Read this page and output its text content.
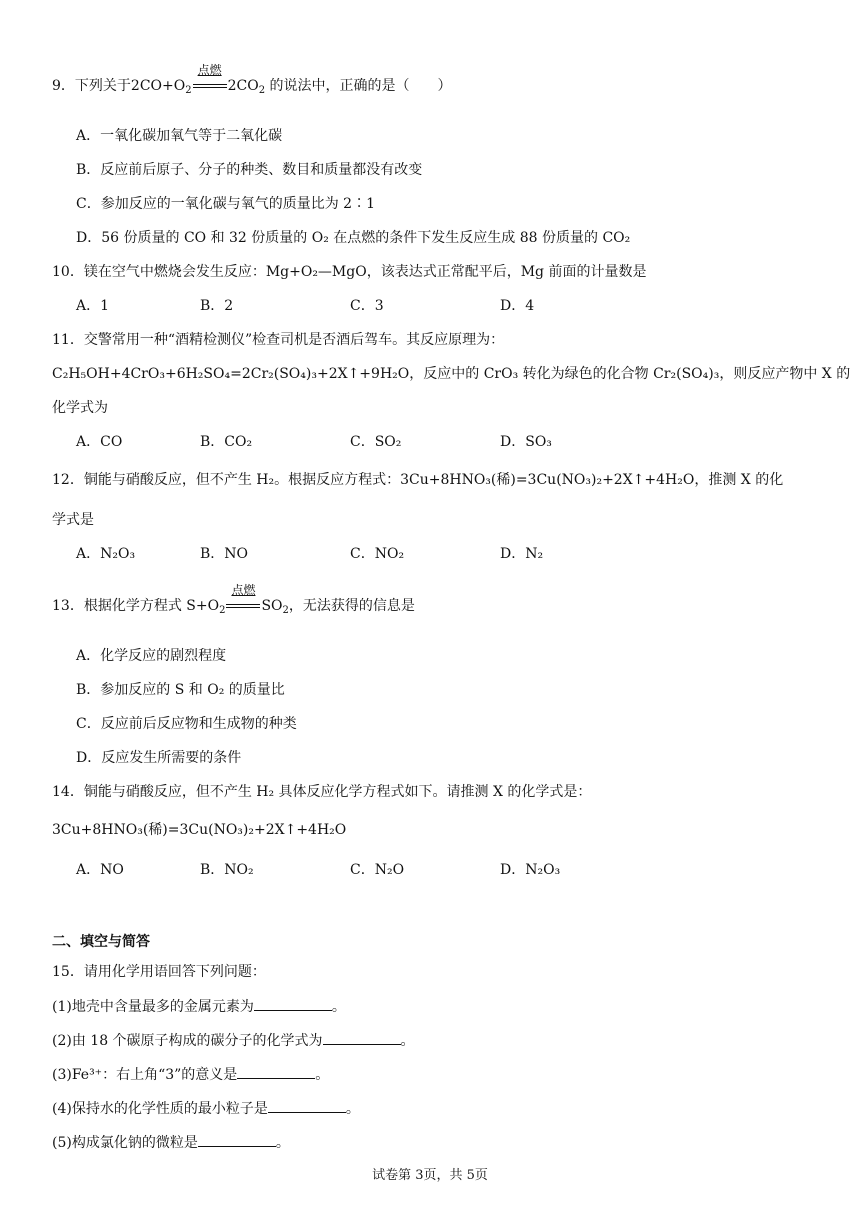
9．下列关于$2CO+O_2$
点燃
$2CO_2$ 的说法中，正确的是（　　）
A．一氧化碳加氧气等于二氧化碳
B．反应前后原子、分子的种类、数目和质量都没有改变
C．参加反应的一氧化碳与氧气的质量比为 2∶1
D．56 份质量的 CO 和 32 份质量的 O₂ 在点燃的条件下发生反应生成 88 份质量的 CO₂
10．镁在空气中燃烧会发生反应：Mg+O₂—MgO，该表达式正常配平后，Mg 前面的计量数是
A．1	B．2	C．3	D．4
11．交警常用一种“酒精检测仪”检查司机是否酒后驾车。其反应原理为：
C₂H₅OH+4CrO₃+6H₂SO₄=2Cr₂(SO₄)₃+2X↑+9H₂O，反应中的 CrO₃ 转化为绿色的化合物 Cr₂(SO₄)₃，则反应产物中 X 的
化学式为
A．CO	B．CO₂	C．SO₂	D．SO₃
12．铜能与硝酸反应，但不产生 H₂。根据反应方程式：3Cu+8HNO₃(稀)=3Cu(NO₃)₂+2X↑+4H₂O，推测 X 的化
学式是
A．N₂O₃	B．NO	C．NO₂	D．N₂
13．根据化学方程式 $S+O_2$
点燃
$SO_2$，无法获得的信息是
A．化学反应的剧烈程度
B．参加反应的 S 和 O₂ 的质量比
C．反应前后反应物和生成物的种类
D．反应发生所需要的条件
14．铜能与硝酸反应，但不产生 H₂ 具体反应化学方程式如下。请推测 X 的化学式是：
3Cu+8HNO₃(稀)=3Cu(NO₃)₂+2X↑+4H₂O
A．NO	B．NO₂	C．N₂O	D．N₂O₃
二、填空与简答
15．请用化学用语回答下列问题：
(1)地壳中含量最多的金属元素为	。
(2)由 18 个碳原子构成的碳分子的化学式为	。
(3)Fe³⁺：右上角“3”的意义是	。
(4)保持水的化学性质的最小粒子是	。
(5)构成氯化钠的微粒是	。
试卷第 3页，共 5页
